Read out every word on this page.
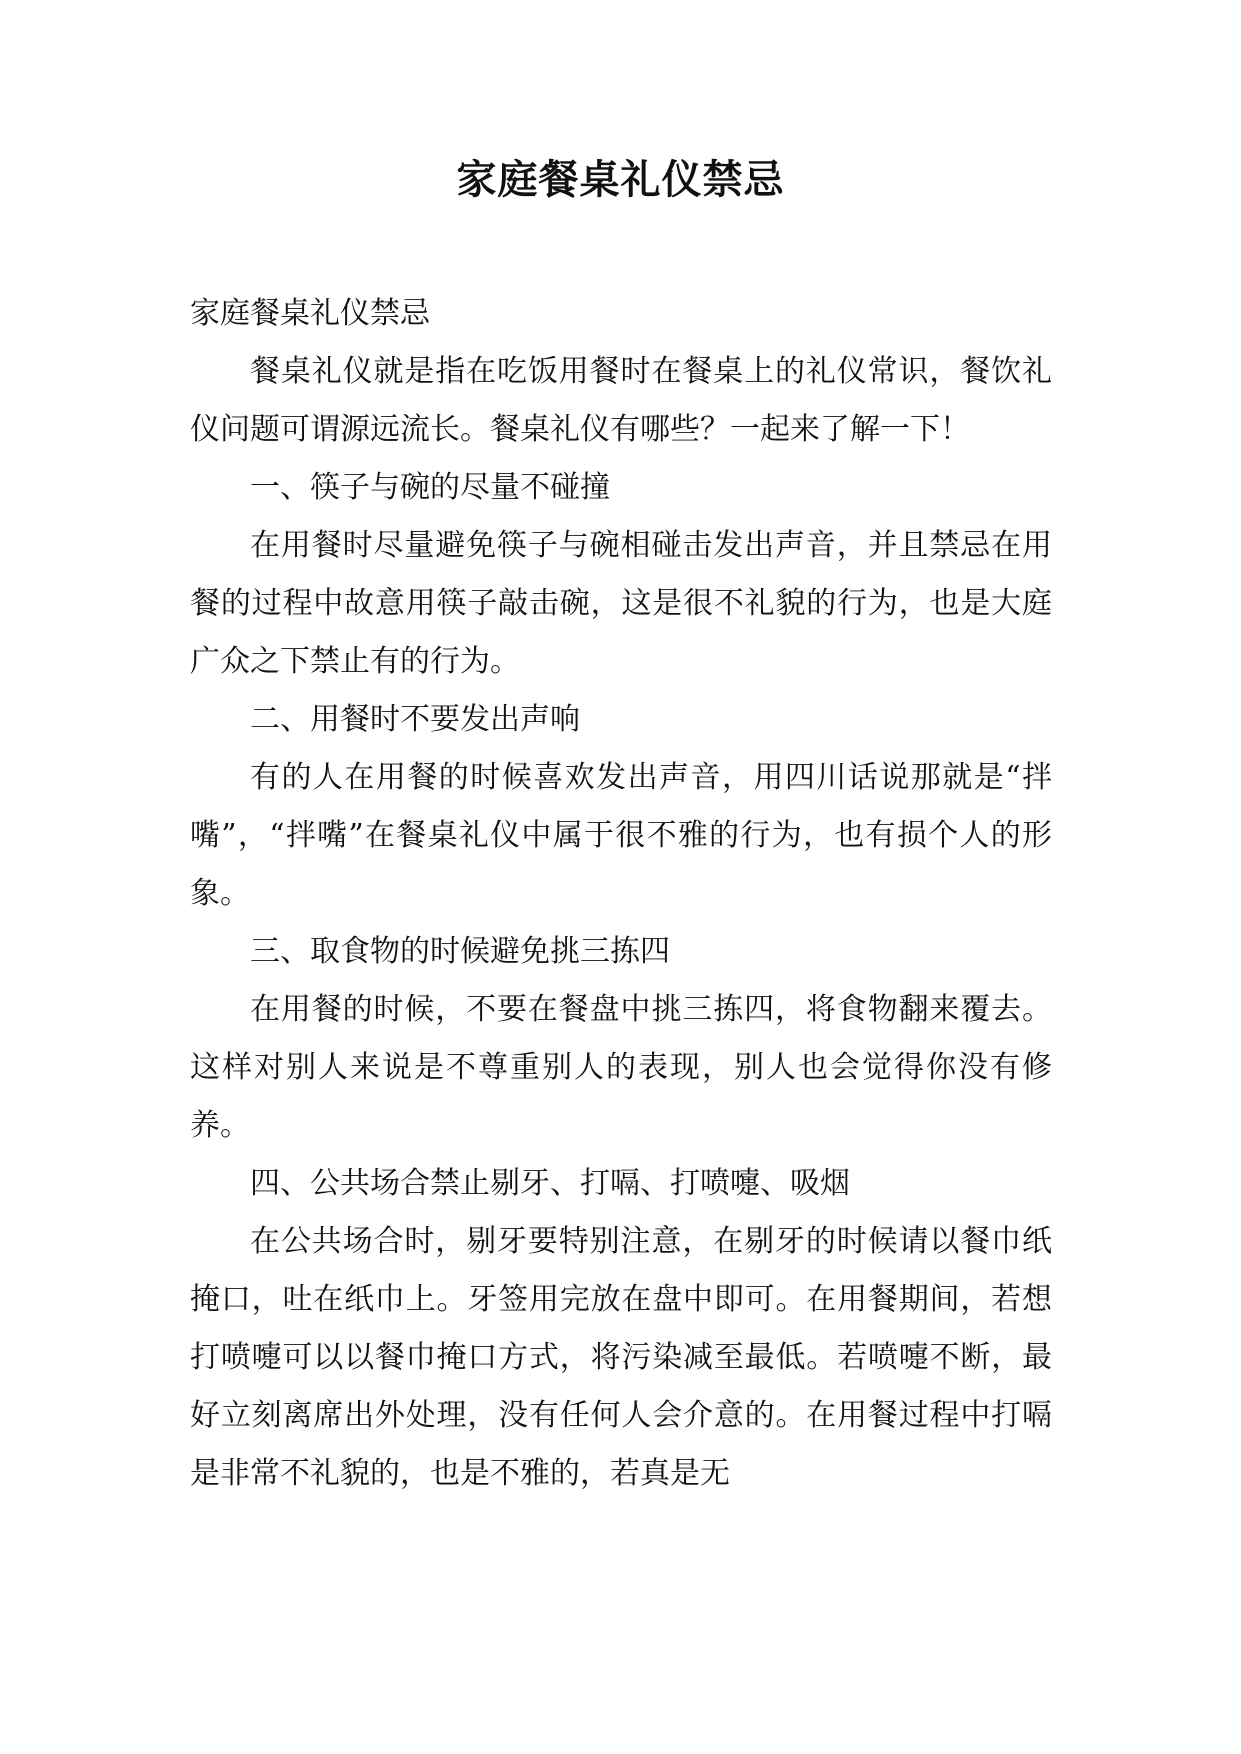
家庭餐桌礼仪禁忌

家庭餐桌礼仪禁忌

餐桌礼仪就是指在吃饭用餐时在餐桌上的礼仪常识，餐饮礼仪问题可谓源远流长。餐桌礼仪有哪些？一起来了解一下！

一、筷子与碗的尽量不碰撞

在用餐时尽量避免筷子与碗相碰击发出声音，并且禁忌在用餐的过程中故意用筷子敲击碗，这是很不礼貌的行为，也是大庭广众之下禁止有的行为。

二、用餐时不要发出声响

有的人在用餐的时候喜欢发出声音，用四川话说那就是“拌嘴”，“拌嘴”在餐桌礼仪中属于很不雅的行为，也有损个人的形象。

三、取食物的时候避免挑三拣四

在用餐的时候，不要在餐盘中挑三拣四，将食物翻来覆去。这样对别人来说是不尊重别人的表现，别人也会觉得你没有修养。

四、公共场合禁止剔牙、打嗝、打喷嚏、吸烟

在公共场合时，剔牙要特别注意，在剔牙的时候请以餐巾纸掩口，吐在纸巾上。牙签用完放在盘中即可。在用餐期间，若想打喷嚏可以以餐巾掩口方式，将污染减至最低。若喷嚏不断，最好立刻离席出外处理，没有任何人会介意的。在用餐过程中打嗝是非常不礼貌的，也是不雅的，若真是无
